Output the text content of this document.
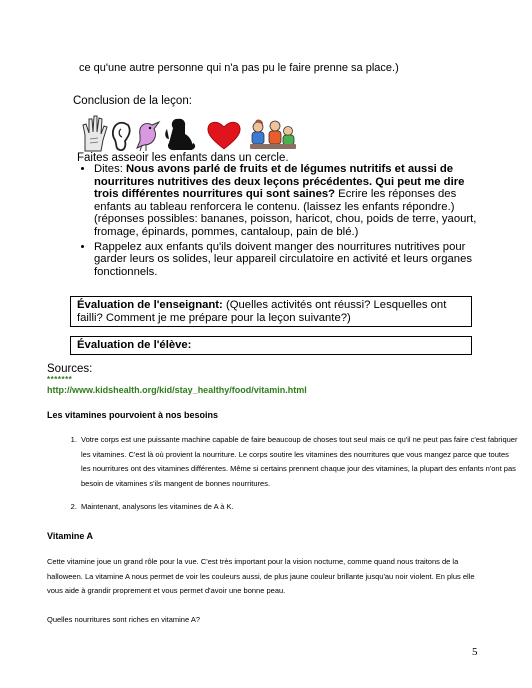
ce qu'une autre personne qui n'a pas pu le faire prenne sa place.)
Conclusion de la leçon:
Faites asseoir les enfants dans un cercle.
• Dites: Nous avons parlé de fruits et de légumes nutritifs et aussi de nourritures nutritives des deux leçons précédentes. Qui peut me dire trois différentes nourritures qui sont saines? Ecrire les réponses des enfants au tableau renforcera le contenu. (laissez les enfants répondre.) (réponses possibles: bananes, poisson, haricot, chou, poids de terre, yaourt, fromage, épinards, pommes, cantaloup, pain de blé.)
• Rappelez aux enfants qu'ils doivent manger des nourritures nutritives pour garder leurs os solides, leur appareil circulatoire en activité et leurs organes fonctionnels.
Évaluation de l'enseignant: (Quelles activités ont réussi? Lesquelles ont failli? Comment je me prépare pour la leçon suivante?)
Évaluation de l'élève:
Sources:
*******
http://www.kidshealth.org/kid/stay_healthy/food/vitamin.html
Les vitamines pourvoient à nos besoins
1. Votre corps est une puissante machine capable de faire beaucoup de choses tout seul mais ce qu'il ne peut pas faire c'est fabriquer les vitamines. C'est là où provient la nourriture. Le corps soutire les vitamines des nourritures que vous mangez parce que toutes les nourritures ont des vitamines différentes. Même si certains prennent chaque jour des vitamines, la plupart des enfants n'ont pas besoin de vitamines s'ils mangent de bonnes nourritures.
2. Maintenant, analysons les vitamines de A à K.
Vitamine A
Cette vitamine joue un grand rôle pour la vue. C'est très important pour la vision nocturne, comme quand nous traitons de la halloween. La vitamine A nous permet de voir les couleurs aussi, de plus jaune couleur brillante jusqu'au noir violent. En plus elle vous aide à grandir proprement et vous permet d'avoir une bonne peau.
Quelles nourritures sont riches en vitamine A?
5
